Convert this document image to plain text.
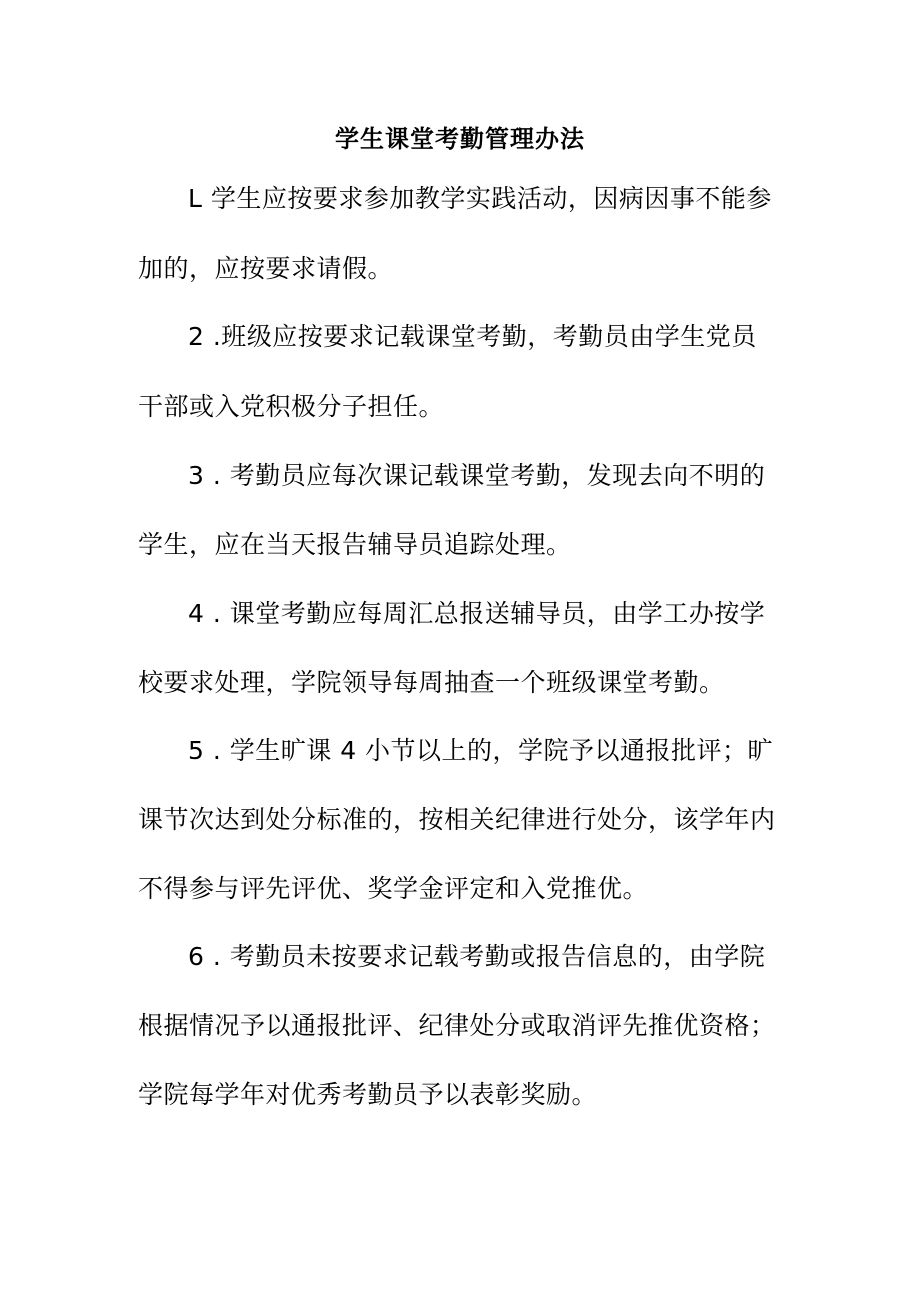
学生课堂考勤管理办法
L 学生应按要求参加教学实践活动，因病因事不能参
加的，应按要求请假。
2 .班级应按要求记载课堂考勤，考勤员由学生党员
干部或入党积极分子担任。
3 . 考勤员应每次课记载课堂考勤，发现去向不明的
学生，应在当天报告辅导员追踪处理。
4 . 课堂考勤应每周汇总报送辅导员，由学工办按学
校要求处理，学院领导每周抽查一个班级课堂考勤。
5 . 学生旷课 4 小节以上的，学院予以通报批评；旷
课节次达到处分标准的，按相关纪律进行处分，该学年内
不得参与评先评优、奖学金评定和入党推优。
6 . 考勤员未按要求记载考勤或报告信息的，由学院
根据情况予以通报批评、纪律处分或取消评先推优资格；
学院每学年对优秀考勤员予以表彰奖励。
